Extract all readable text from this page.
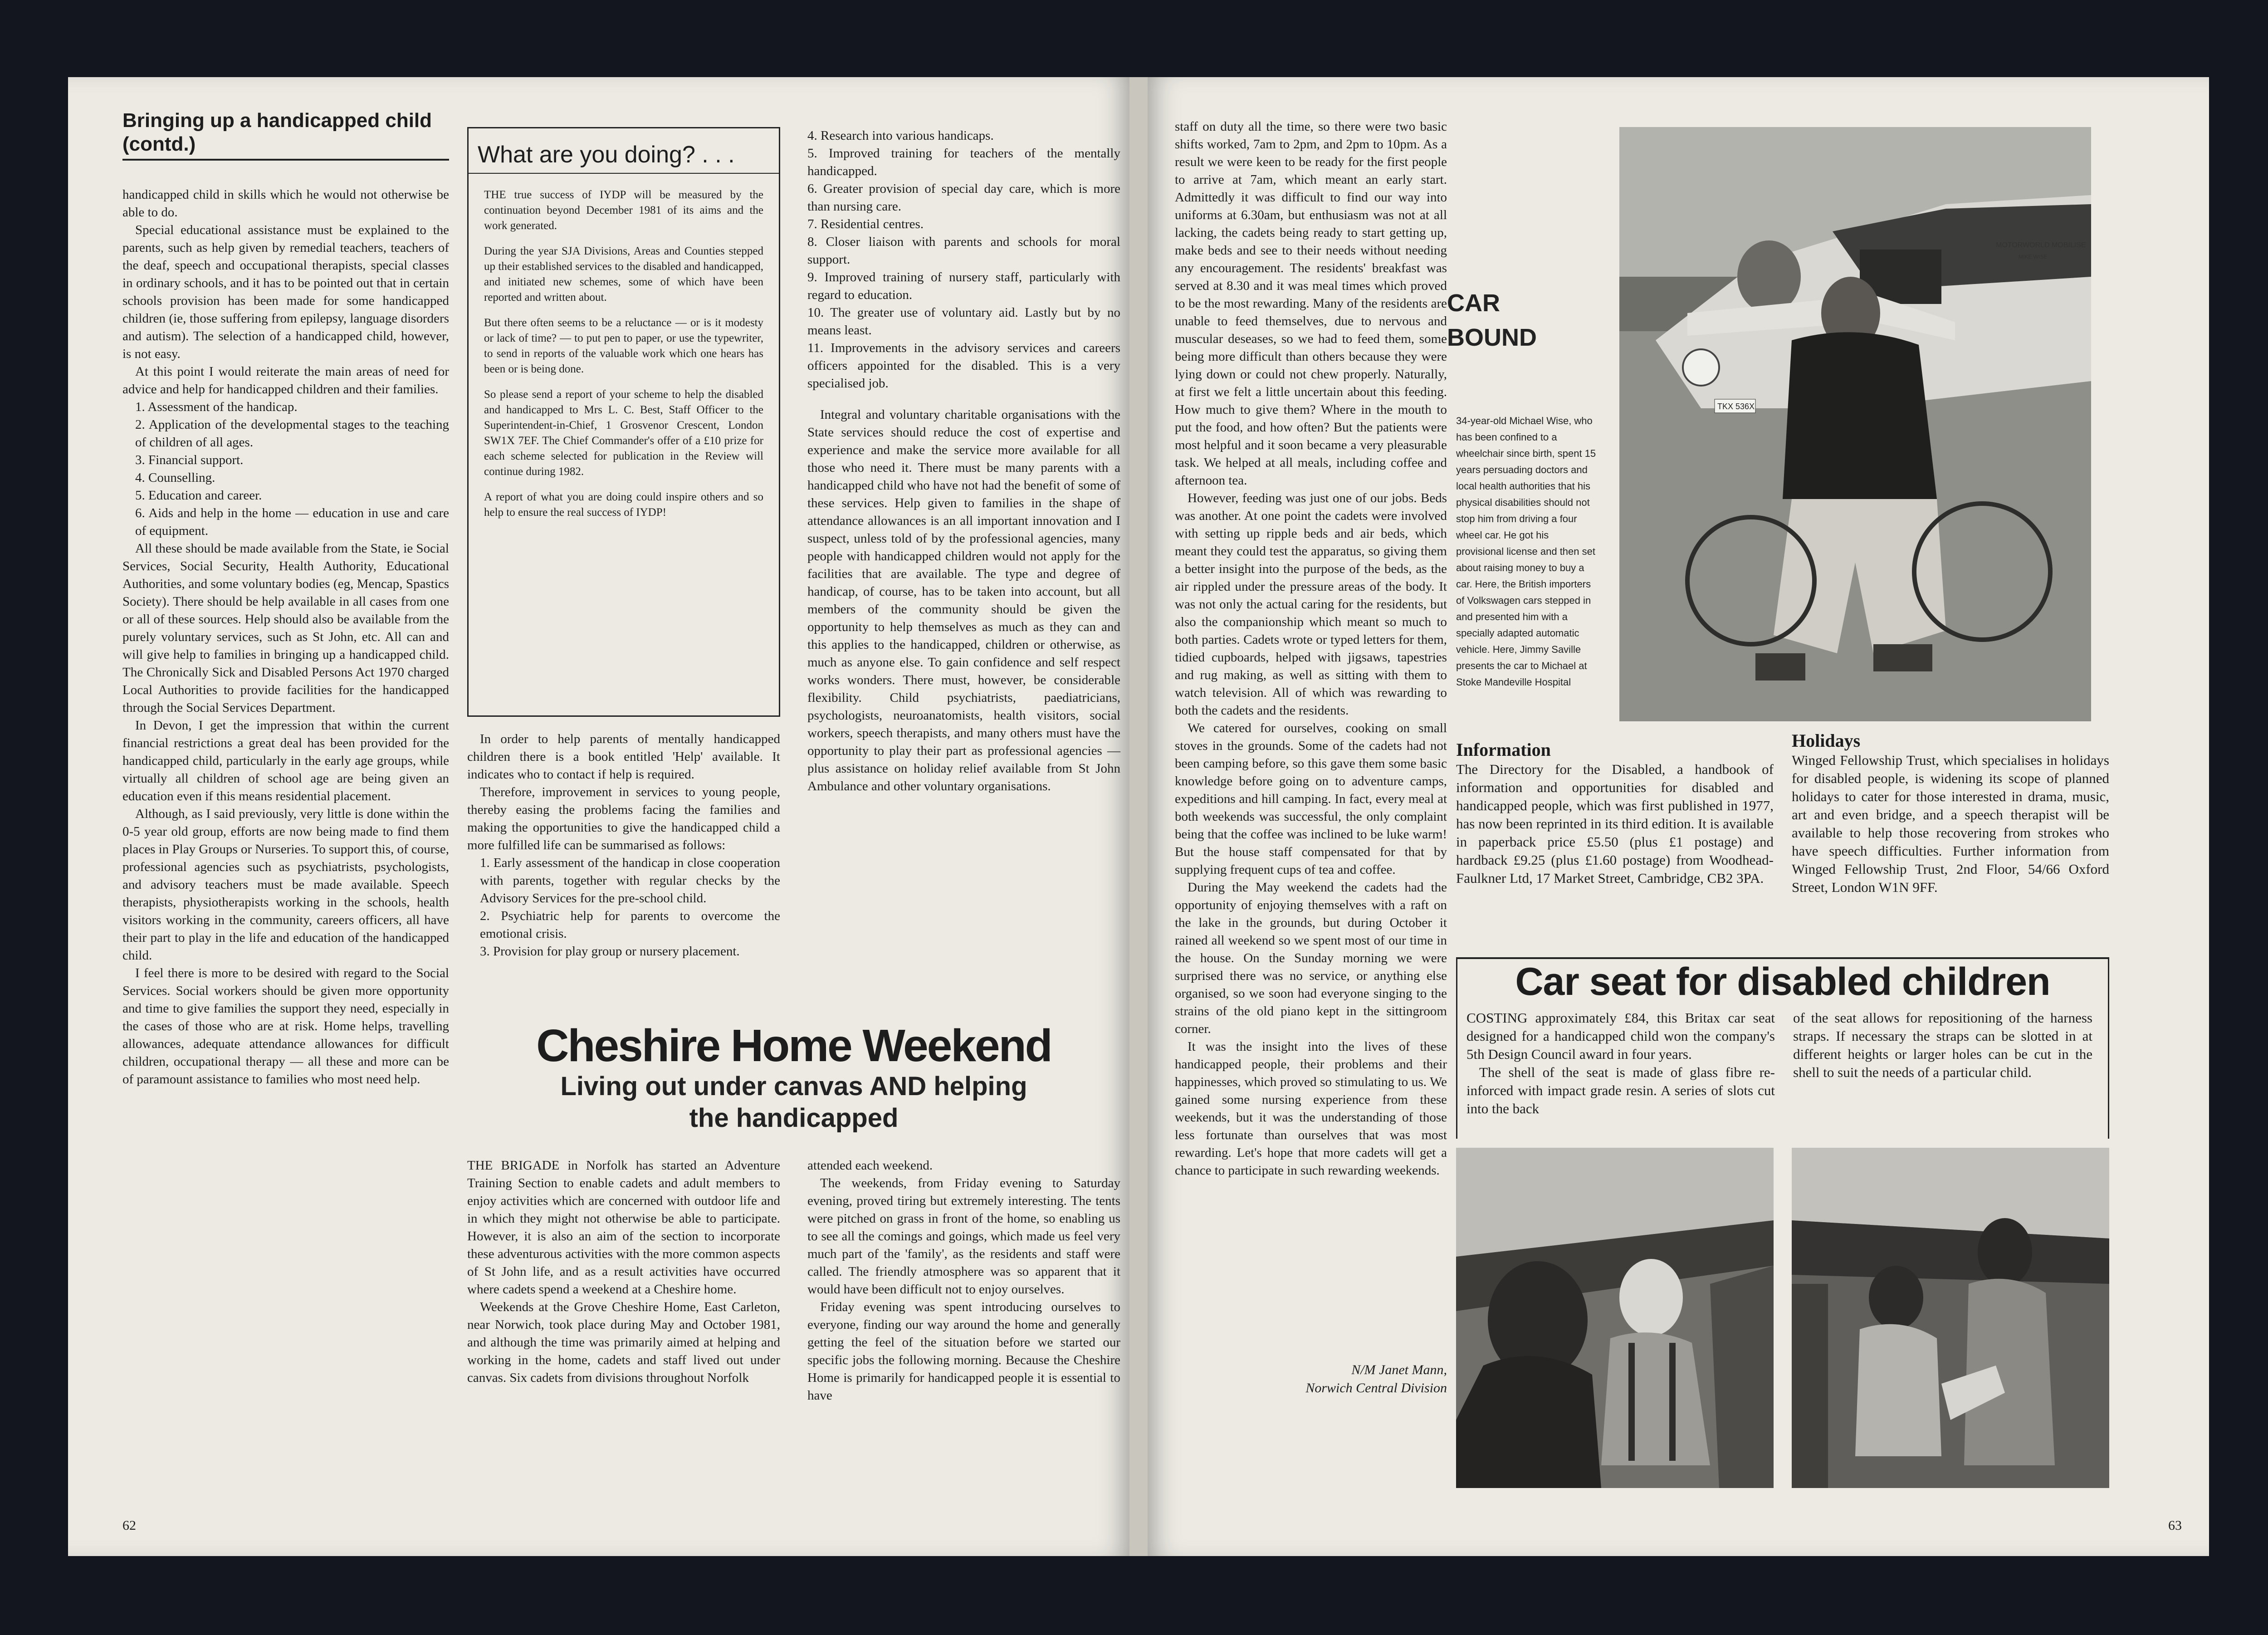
Bringing up a handicapped child (contd.)

handicapped child in skills which he would not otherwise be able to do.

Special educational assistance must be explained to the parents, such as help given by remedial teachers, teachers of the deaf, speech and occupational therapists, special classes in ordinary schools, and it has to be pointed out that in certain schools provision has been made for some handicapped children (ie, those suffering from epilepsy, language disorders and autism). The selection of a handicapped child, however, is not easy.

At this point I would reiterate the main areas of need for advice and help for handicapped children and their families.

1. Assessment of the handicap.
2. Application of the developmental stages to the teaching of children of all ages.
3. Financial support.
4. Counselling.
5. Education and career.
6. Aids and help in the home — education in use and care of equipment.

All these should be made available from the State, ie Social Services, Social Security, Health Authority, Educational Authorities, and some voluntary bodies (eg, Mencap, Spastics Society). There should be help available in all cases from one or all of these sources. Help should also be available from the purely voluntary services, such as St John, etc. All can and will give help to families in bringing up a handicapped child. The Chronically Sick and Disabled Persons Act 1970 charged Local Authorities to provide facilities for the handicapped through the Social Services Department.

In Devon, I get the impression that within the current financial restrictions a great deal has been provided for the handicapped child, particularly in the early age groups, while virtually all children of school age are being given an education even if this means residential placement.

Although, as I said previously, very little is done within the 0-5 year old group, efforts are now being made to find them places in Play Groups or Nurseries. To support this, of course, professional agencies such as psychiatrists, psychologists, and advisory teachers must be made available. Speech therapists, physiotherapists working in the schools, health visitors working in the community, careers officers, all have their part to play in the life and education of the handicapped child.

I feel there is more to be desired with regard to the Social Services. Social workers should be given more opportunity and time to give families the support they need, especially in the cases of those who are at risk. Home helps, travelling allowances, adequate attendance allowances for difficult children, occupational therapy — all these and more can be of paramount assistance to families who most need help.

What are you doing? . . .

THE true success of IYDP will be measured by the continuation beyond December 1981 of its aims and the work generated.

During the year SJA Divisions, Areas and Counties stepped up their established services to the disabled and handicapped, and initiated new schemes, some of which have been reported and written about.

But there often seems to be a reluctance — or is it modesty or lack of time? — to put pen to paper, or use the typewriter, to send in reports of the valuable work which one hears has been or is being done.

So please send a report of your scheme to help the disabled and handicapped to Mrs L. C. Best, Staff Officer to the Superintendent-in-Chief, 1 Grosvenor Crescent, London SW1X 7EF. The Chief Commander's offer of a £10 prize for each scheme selected for publication in the Review will continue during 1982.

A report of what you are doing could inspire others and so help to ensure the real success of IYDP!

In order to help parents of mentally handicapped children there is a book entitled 'Help' available. It indicates who to contact if help is required.

Therefore, improvement in services to young people, thereby easing the problems facing the families and making the opportunities to give the handicapped child a more fulfilled life can be summarised as follows:

1. Early assessment of the handicap in close cooperation with parents, together with regular checks by the Advisory Services for the pre-school child.
2. Psychiatric help for parents to overcome the emotional crisis.
3. Provision for play group or nursery placement.
4. Research into various handicaps.
5. Improved training for teachers of the mentally handicapped.
6. Greater provision of special day care, which is more than nursing care.
7. Residential centres.
8. Closer liaison with parents and schools for moral support.
9. Improved training of nursery staff, particularly with regard to education.
10. The greater use of voluntary aid. Lastly but by no means least.
11. Improvements in the advisory services and careers officers appointed for the disabled. This is a very specialised job.

Integral and voluntary charitable organisations with the State services should reduce the cost of expertise and experience and make the service more available for all those who need it. There must be many parents with a handicapped child who have not had the benefit of some of these services. Help given to families in the shape of attendance allowances is an all important innovation and I suspect, unless told of by the professional agencies, many people with handicapped children would not apply for the facilities that are available. The type and degree of handicap, of course, has to be taken into account, but all members of the community should be given the opportunity to help themselves as much as they can and this applies to the handicapped, children or otherwise, as much as anyone else. To gain confidence and self respect works wonders. There must, however, be considerable flexibility. Child psychiatrists, paediatricians, psychologists, neuroanatomists, health visitors, social workers, speech therapists, and many others must have the opportunity to play their part as professional agencies — plus assistance on holiday relief available from St John Ambulance and other voluntary organisations.

Cheshire Home Weekend
Living out under canvas AND helping
the handicapped

THE BRIGADE in Norfolk has started an Adventure Training Section to enable cadets and adult members to enjoy activities which are concerned with outdoor life and in which they might not otherwise be able to participate. However, it is also an aim of the section to incorporate these adventurous activities with the more common aspects of St John life, and as a result activities have occurred where cadets spend a weekend at a Cheshire home.

Weekends at the Grove Cheshire Home, East Carleton, near Norwich, took place during May and October 1981, and although the time was primarily aimed at helping and working in the home, cadets and staff lived out under canvas. Six cadets from divisions throughout Norfolk

attended each weekend.

The weekends, from Friday evening to Saturday evening, proved tiring but extremely interesting. The tents were pitched on grass in front of the home, so enabling us to see all the comings and goings, which made us feel very much part of the 'family', as the residents and staff were called. The friendly atmosphere was so apparent that it would have been difficult not to enjoy ourselves.

Friday evening was spent introducing ourselves to everyone, finding our way around the home and generally getting the feel of the situation before we started our specific jobs the following morning. Because the Cheshire Home is primarily for handicapped people it is essential to have

62

staff on duty all the time, so there were two basic shifts worked, 7am to 2pm, and 2pm to 10pm. As a result we were keen to be ready for the first people to arrive at 7am, which meant an early start. Admittedly it was difficult to find our way into uniforms at 6.30am, but enthusiasm was not at all lacking, the cadets being ready to start getting up, make beds and see to their needs without needing any encouragement. The residents' breakfast was served at 8.30 and it was meal times which proved to be the most rewarding. Many of the residents are unable to feed themselves, due to nervous and muscular deseases, so we had to feed them, some being more difficult than others because they were lying down or could not chew properly. Naturally, at first we felt a little uncertain about this feeding. How much to give them? Where in the mouth to put the food, and how often? But the patients were most helpful and it soon became a very pleasurable task. We helped at all meals, including coffee and afternoon tea.

However, feeding was just one of our jobs. Beds was another. At one point the cadets were involved with setting up ripple beds and air beds, which meant they could test the apparatus, so giving them a better insight into the purpose of the beds, as the air rippled under the pressure areas of the body. It was not only the actual caring for the residents, but also the companionship which meant so much to both parties. Cadets wrote or typed letters for them, tidied cupboards, helped with jigsaws, tapestries and rug making, as well as sitting with them to watch television. All of which was rewarding to both the cadets and the residents.

We catered for ourselves, cooking on small stoves in the grounds. Some of the cadets had not been camping before, so this gave them some basic knowledge before going on to adventure camps, expeditions and hill camping. In fact, every meal at both weekends was successful, the only complaint being that the coffee was inclined to be luke warm! But the house staff compensated for that by supplying frequent cups of tea and coffee.

During the May weekend the cadets had the opportunity of enjoying themselves with a raft on the lake in the grounds, but during October it rained all weekend so we spent most of our time in the house. On the Sunday morning we were surprised there was no service, or anything else organised, so we soon had everyone singing to the strains of the old piano kept in the sittingroom corner.

It was the insight into the lives of these handicapped people, their problems and their happinesses, which proved so stimulating to us. We gained some nursing experience from these weekends, but it was the understanding of those less fortunate than ourselves that was most rewarding. Let's hope that more cadets will get a chance to participate in such rewarding weekends.

N/M Janet Mann,
Norwich Central Division
MOTORWORLD MOBILISE
MIKE WISE
TKX 536X
CAR
BOUND
34-year-old Michael Wise, who has been confined to a wheelchair since birth, spent 15 years persuading doctors and local health authorities that his physical disabilities should not stop him from driving a four wheel car. He got his provisional license and then set about raising money to buy a car. Here, the British importers of Volkswagen cars stepped in and presented him with a specially adapted automatic vehicle. Here, Jimmy Saville presents the car to Michael at Stoke Mandeville Hospital

Information

The Directory for the Disabled, a handbook of information and opportunities for disabled and handicapped people, which was first published in 1977, has now been reprinted in its third edition. It is available in paperback price £5.50 (plus £1 postage) and hardback £9.25 (plus £1.60 postage) from Woodhead-Faulkner Ltd, 17 Market Street, Cambridge, CB2 3PA.

Holidays

Winged Fellowship Trust, which specialises in holidays for disabled people, is widening its scope of planned holidays to cater for those interested in drama, music, art and even bridge, and a speech therapist will be available to help those recovering from strokes who have speech difficulties. Further information from Winged Fellowship Trust, 2nd Floor, 54/66 Oxford Street, London W1N 9FF.

Car seat for disabled children

COSTING approximately £84, this Britax car seat designed for a handicapped child won the company's 5th Design Council award in four years.

The shell of the seat is made of glass fibre re-inforced with impact grade resin. A series of slots cut into the back

of the seat allows for repositioning of the harness straps. If necessary the straps can be slotted in at different heights or larger holes can be cut in the shell to suit the needs of a particular child.

63
